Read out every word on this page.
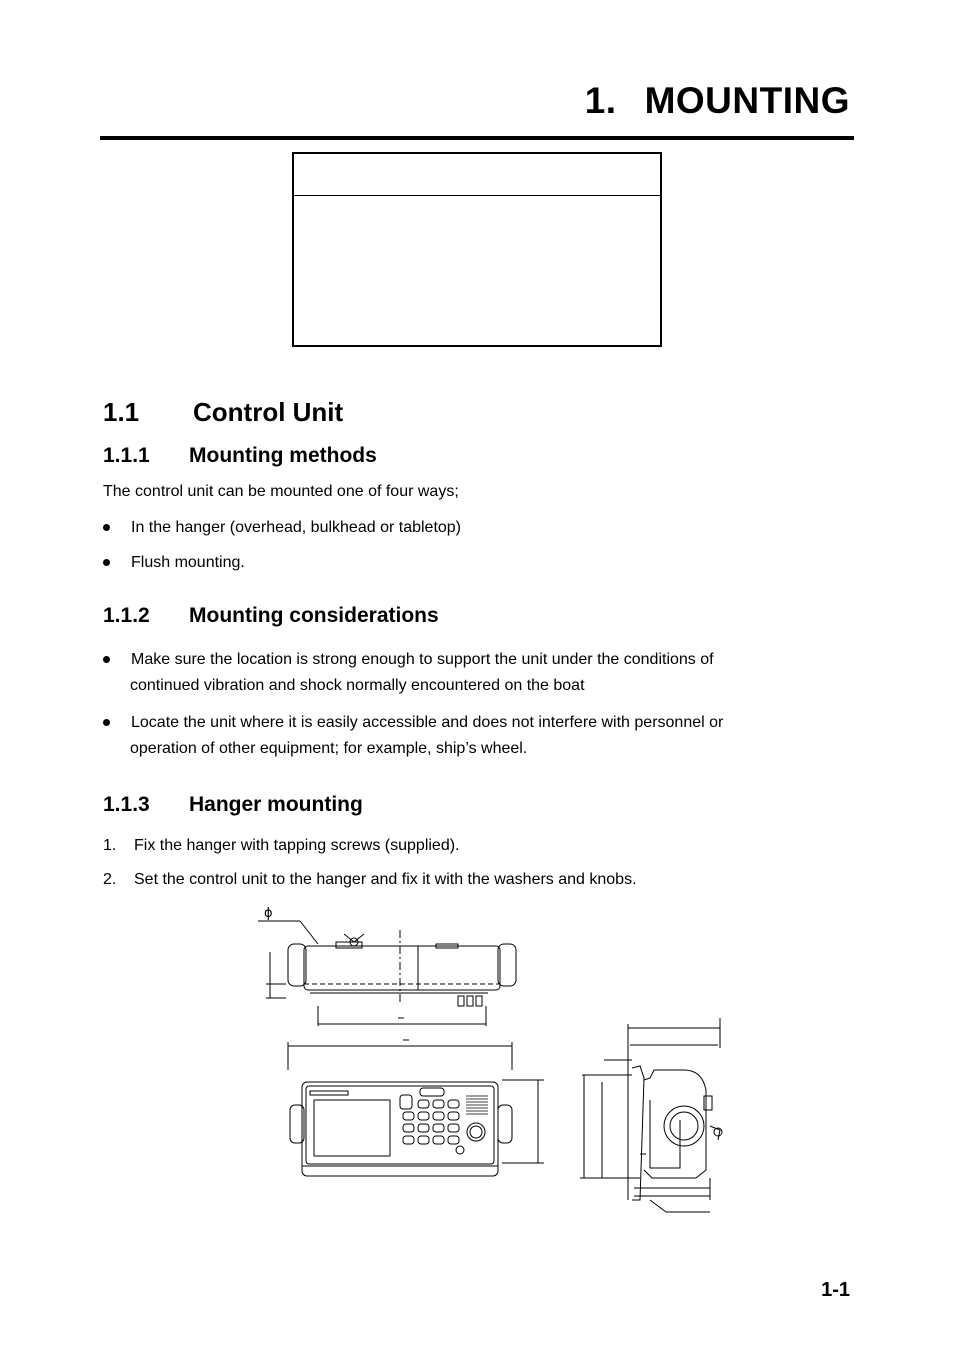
1. MOUNTING
1.1 Control Unit
1.1.1 Mounting methods
The control unit can be mounted one of four ways;
In the hanger (overhead, bulkhead or tabletop)
Flush mounting.
1.1.2 Mounting considerations
Make sure the location is strong enough to support the unit under the conditions of
continued vibration and shock normally encountered on the boat
Locate the unit where it is easily accessible and does not interfere with personnel or
operation of other equipment; for example, ship’s wheel.
1.1.3 Hanger mounting
1. Fix the hanger with tapping screws (supplied).
2. Set the control unit to the hanger and fix it with the washers and knobs.
ϕ
1-1
